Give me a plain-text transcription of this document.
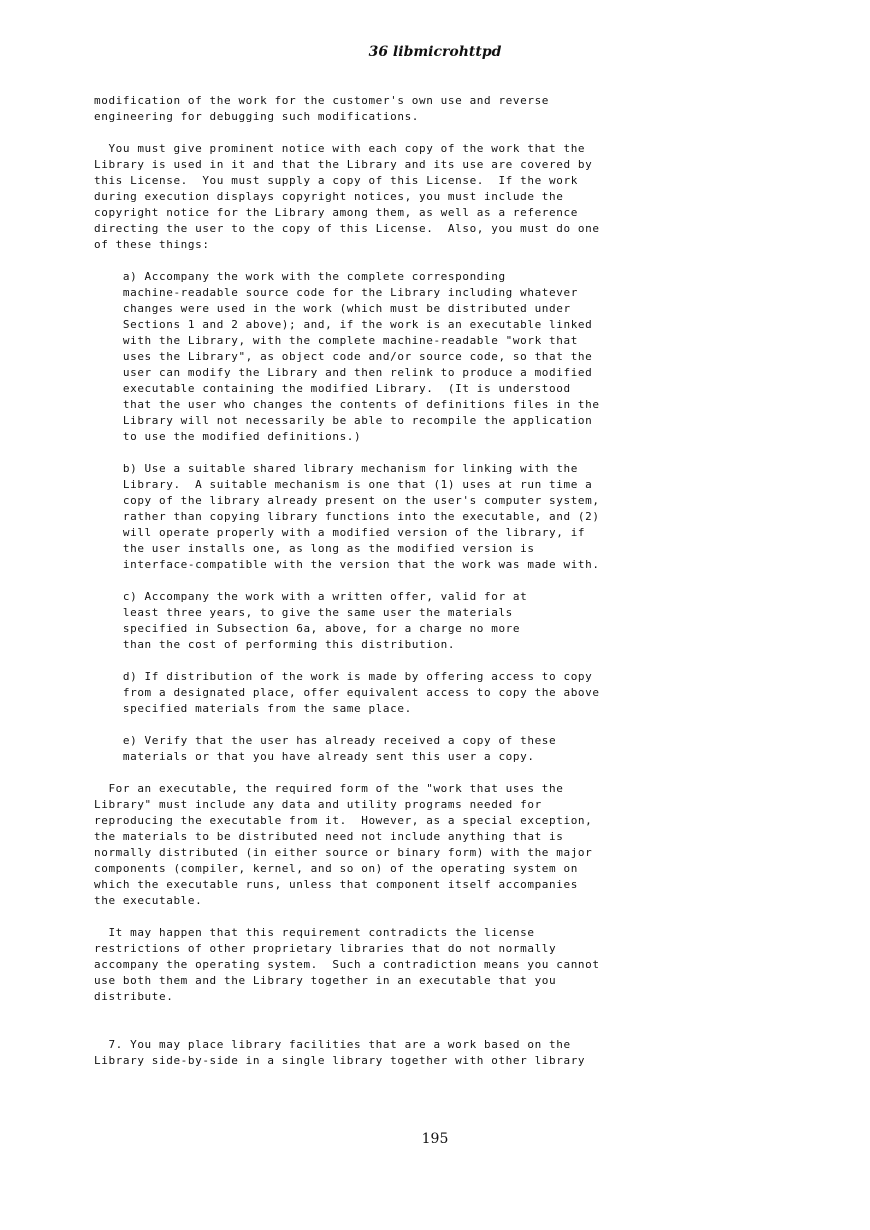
36 libmicrohttpd
modification of the work for the customer's own use and reverse
engineering for debugging such modifications.
You must give prominent notice with each copy of the work that the
Library is used in it and that the Library and its use are covered by
this License.  You must supply a copy of this License.  If the work
during execution displays copyright notices, you must include the
copyright notice for the Library among them, as well as a reference
directing the user to the copy of this License.  Also, you must do one
of these things:
a) Accompany the work with the complete corresponding
machine-readable source code for the Library including whatever
changes were used in the work (which must be distributed under
Sections 1 and 2 above); and, if the work is an executable linked
with the Library, with the complete machine-readable "work that
uses the Library", as object code and/or source code, so that the
user can modify the Library and then relink to produce a modified
executable containing the modified Library.  (It is understood
that the user who changes the contents of definitions files in the
Library will not necessarily be able to recompile the application
to use the modified definitions.)
b) Use a suitable shared library mechanism for linking with the
Library.  A suitable mechanism is one that (1) uses at run time a
copy of the library already present on the user's computer system,
rather than copying library functions into the executable, and (2)
will operate properly with a modified version of the library, if
the user installs one, as long as the modified version is
interface-compatible with the version that the work was made with.
c) Accompany the work with a written offer, valid for at
least three years, to give the same user the materials
specified in Subsection 6a, above, for a charge no more
than the cost of performing this distribution.
d) If distribution of the work is made by offering access to copy
from a designated place, offer equivalent access to copy the above
specified materials from the same place.
e) Verify that the user has already received a copy of these
materials or that you have already sent this user a copy.
For an executable, the required form of the "work that uses the
Library" must include any data and utility programs needed for
reproducing the executable from it.  However, as a special exception,
the materials to be distributed need not include anything that is
normally distributed (in either source or binary form) with the major
components (compiler, kernel, and so on) of the operating system on
which the executable runs, unless that component itself accompanies
the executable.
It may happen that this requirement contradicts the license
restrictions of other proprietary libraries that do not normally
accompany the operating system.  Such a contradiction means you cannot
use both them and the Library together in an executable that you
distribute.
7. You may place library facilities that are a work based on the
Library side-by-side in a single library together with other library

195
